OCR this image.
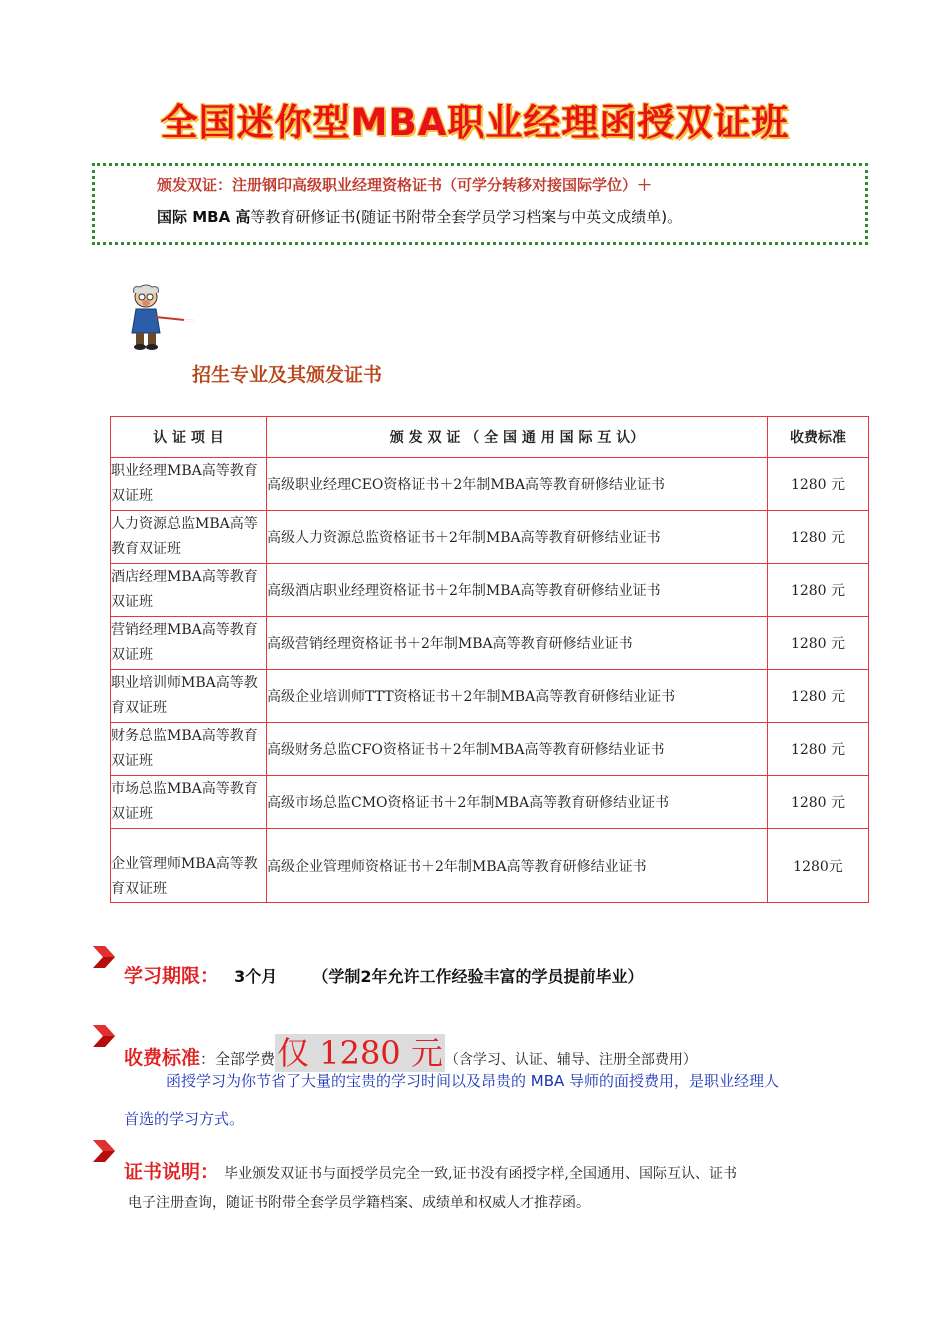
全国迷你型MBA职业经理函授双证班
颁发双证：注册钢印高级职业经理资格证书（可学分转移对接国际学位）＋
国际 MBA 高等教育研修证书(随证书附带全套学员学习档案与中英文成绩单)。
招生专业及其颁发证书
认 证 项 目	颁 发 双 证 （ 全 国 通 用 国 际 互 认）	收费标准
职业经理MBA高等教育双证班	高级职业经理CEO资格证书＋2年制MBA高等教育研修结业证书	1280 元
人力资源总监MBA高等教育双证班	高级人力资源总监资格证书＋2年制MBA高等教育研修结业证书	1280 元
酒店经理MBA高等教育双证班	高级酒店职业经理资格证书＋2年制MBA高等教育研修结业证书	1280 元
营销经理MBA高等教育双证班	高级营销经理资格证书＋2年制MBA高等教育研修结业证书	1280 元
职业培训师MBA高等教育双证班	高级企业培训师TTT资格证书＋2年制MBA高等教育研修结业证书	1280 元
财务总监MBA高等教育双证班	高级财务总监CFO资格证书＋2年制MBA高等教育研修结业证书	1280 元
市场总监MBA高等教育双证班	高级市场总监CMO资格证书＋2年制MBA高等教育研修结业证书	1280 元
企业管理师MBA高等教育双证班	高级企业管理师资格证书＋2年制MBA高等教育研修结业证书	1280元
学习期限： 3个月 （学制2年允许工作经验丰富的学员提前毕业）
收费标准：全部学费仅 1280 元 （含学习、认证、辅导、注册全部费用）
函授学习为你节省了大量的宝贵的学习时间以及昂贵的 MBA 导师的面授费用，是职业经理人
首选的学习方式。
证书说明： 毕业颁发双证书与面授学员完全一致,证书没有函授字样,全国通用、国际互认、证书
电子注册查询，随证书附带全套学员学籍档案、成绩单和权威人才推荐函。
